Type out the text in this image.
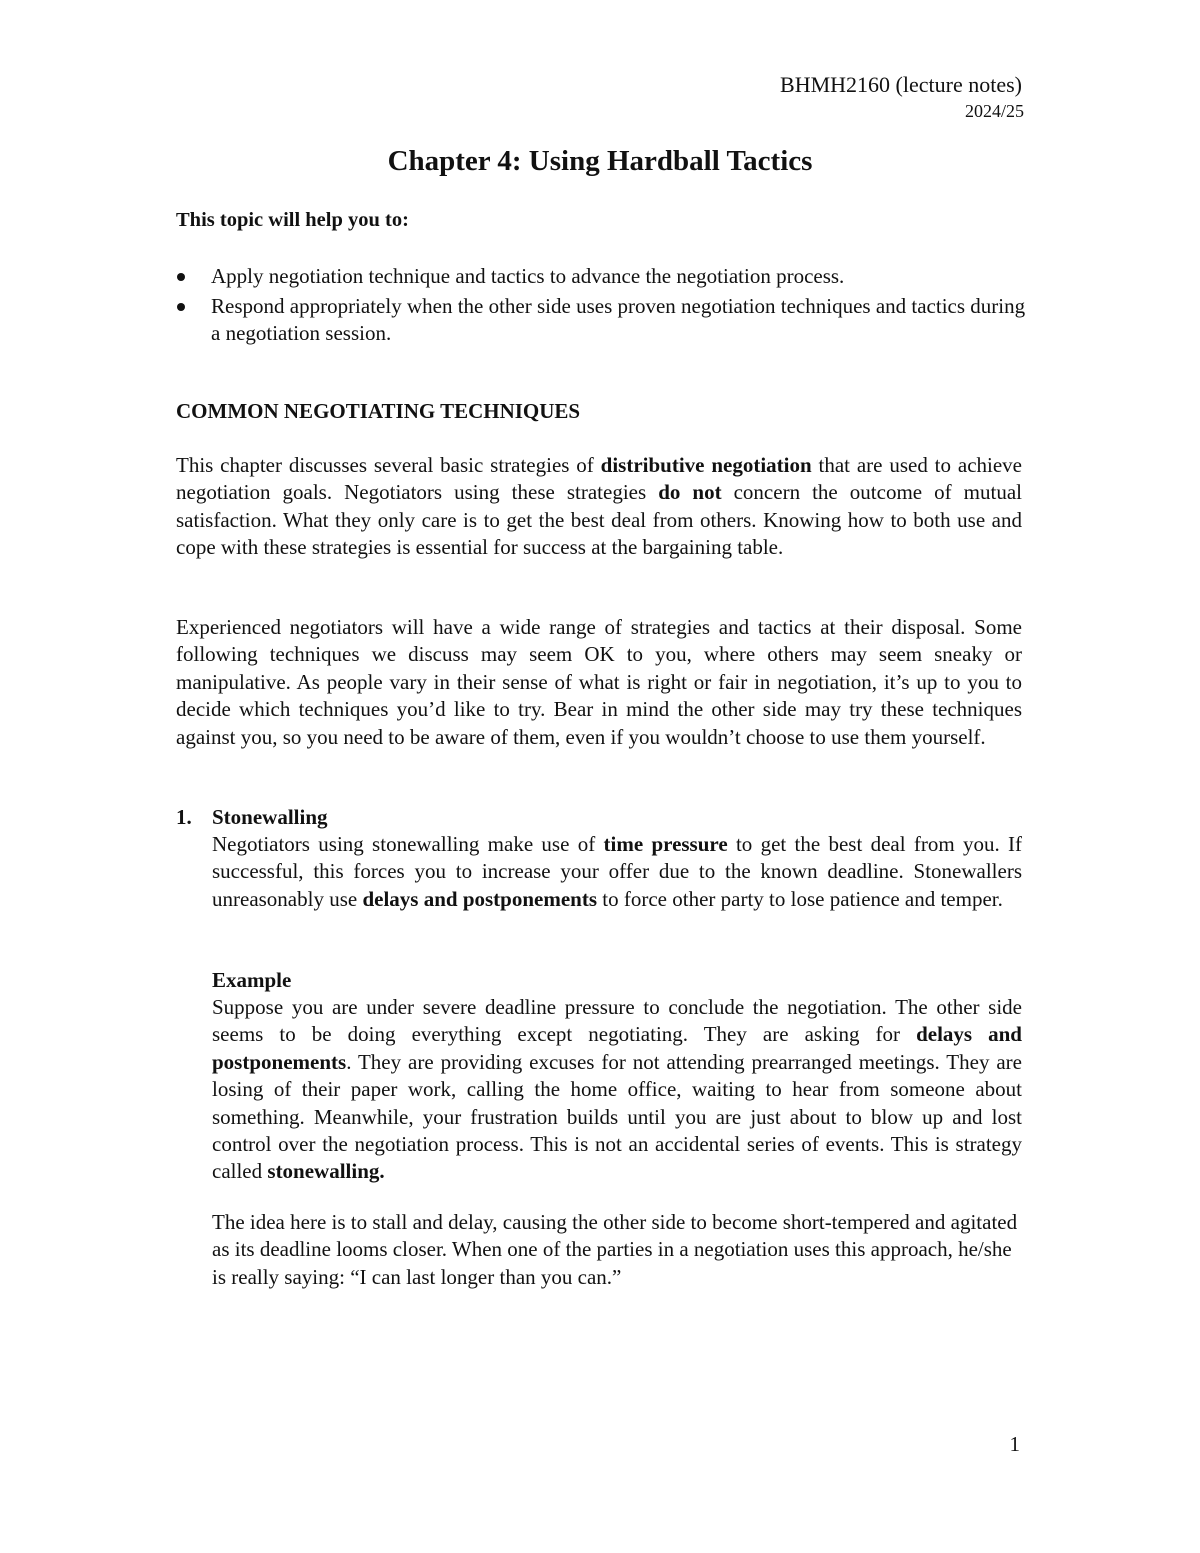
BHMH2160 (lecture notes)
2024/25
Chapter 4: Using Hardball Tactics

This topic will help you to:

Apply negotiation technique and tactics to advance the negotiation process.
Respond appropriately when the other side uses proven negotiation techniques and tactics during a negotiation session.

COMMON NEGOTIATING TECHNIQUES

This chapter discusses several basic strategies of distributive negotiation that are used to achieve negotiation goals. Negotiators using these strategies do not concern the outcome of mutual satisfaction. What they only care is to get the best deal from others. Knowing how to both use and cope with these strategies is essential for success at the bargaining table.

Experienced negotiators will have a wide range of strategies and tactics at their disposal. Some following techniques we discuss may seem OK to you, where others may seem sneaky or manipulative. As people vary in their sense of what is right or fair in negotiation, it’s up to you to decide which techniques you’d like to try. Bear in mind the other side may try these techniques against you, so you need to be aware of them, even if you wouldn’t choose to use them yourself.

1. Stonewalling

Negotiators using stonewalling make use of time pressure to get the best deal from you. If successful, this forces you to increase your offer due to the known deadline. Stonewallers unreasonably use delays and postponements to force other party to lose patience and temper.

Example

Suppose you are under severe deadline pressure to conclude the negotiation. The other side seems to be doing everything except negotiating. They are asking for delays and postponements. They are providing excuses for not attending prearranged meetings. They are losing of their paper work, calling the home office, waiting to hear from someone about something. Meanwhile, your frustration builds until you are just about to blow up and lost control over the negotiation process. This is not an accidental series of events. This is strategy called stonewalling.

The idea here is to stall and delay, causing the other side to become short-tempered and agitated as its deadline looms closer. When one of the parties in a negotiation uses this approach, he/she is really saying: “I can last longer than you can.”

1
